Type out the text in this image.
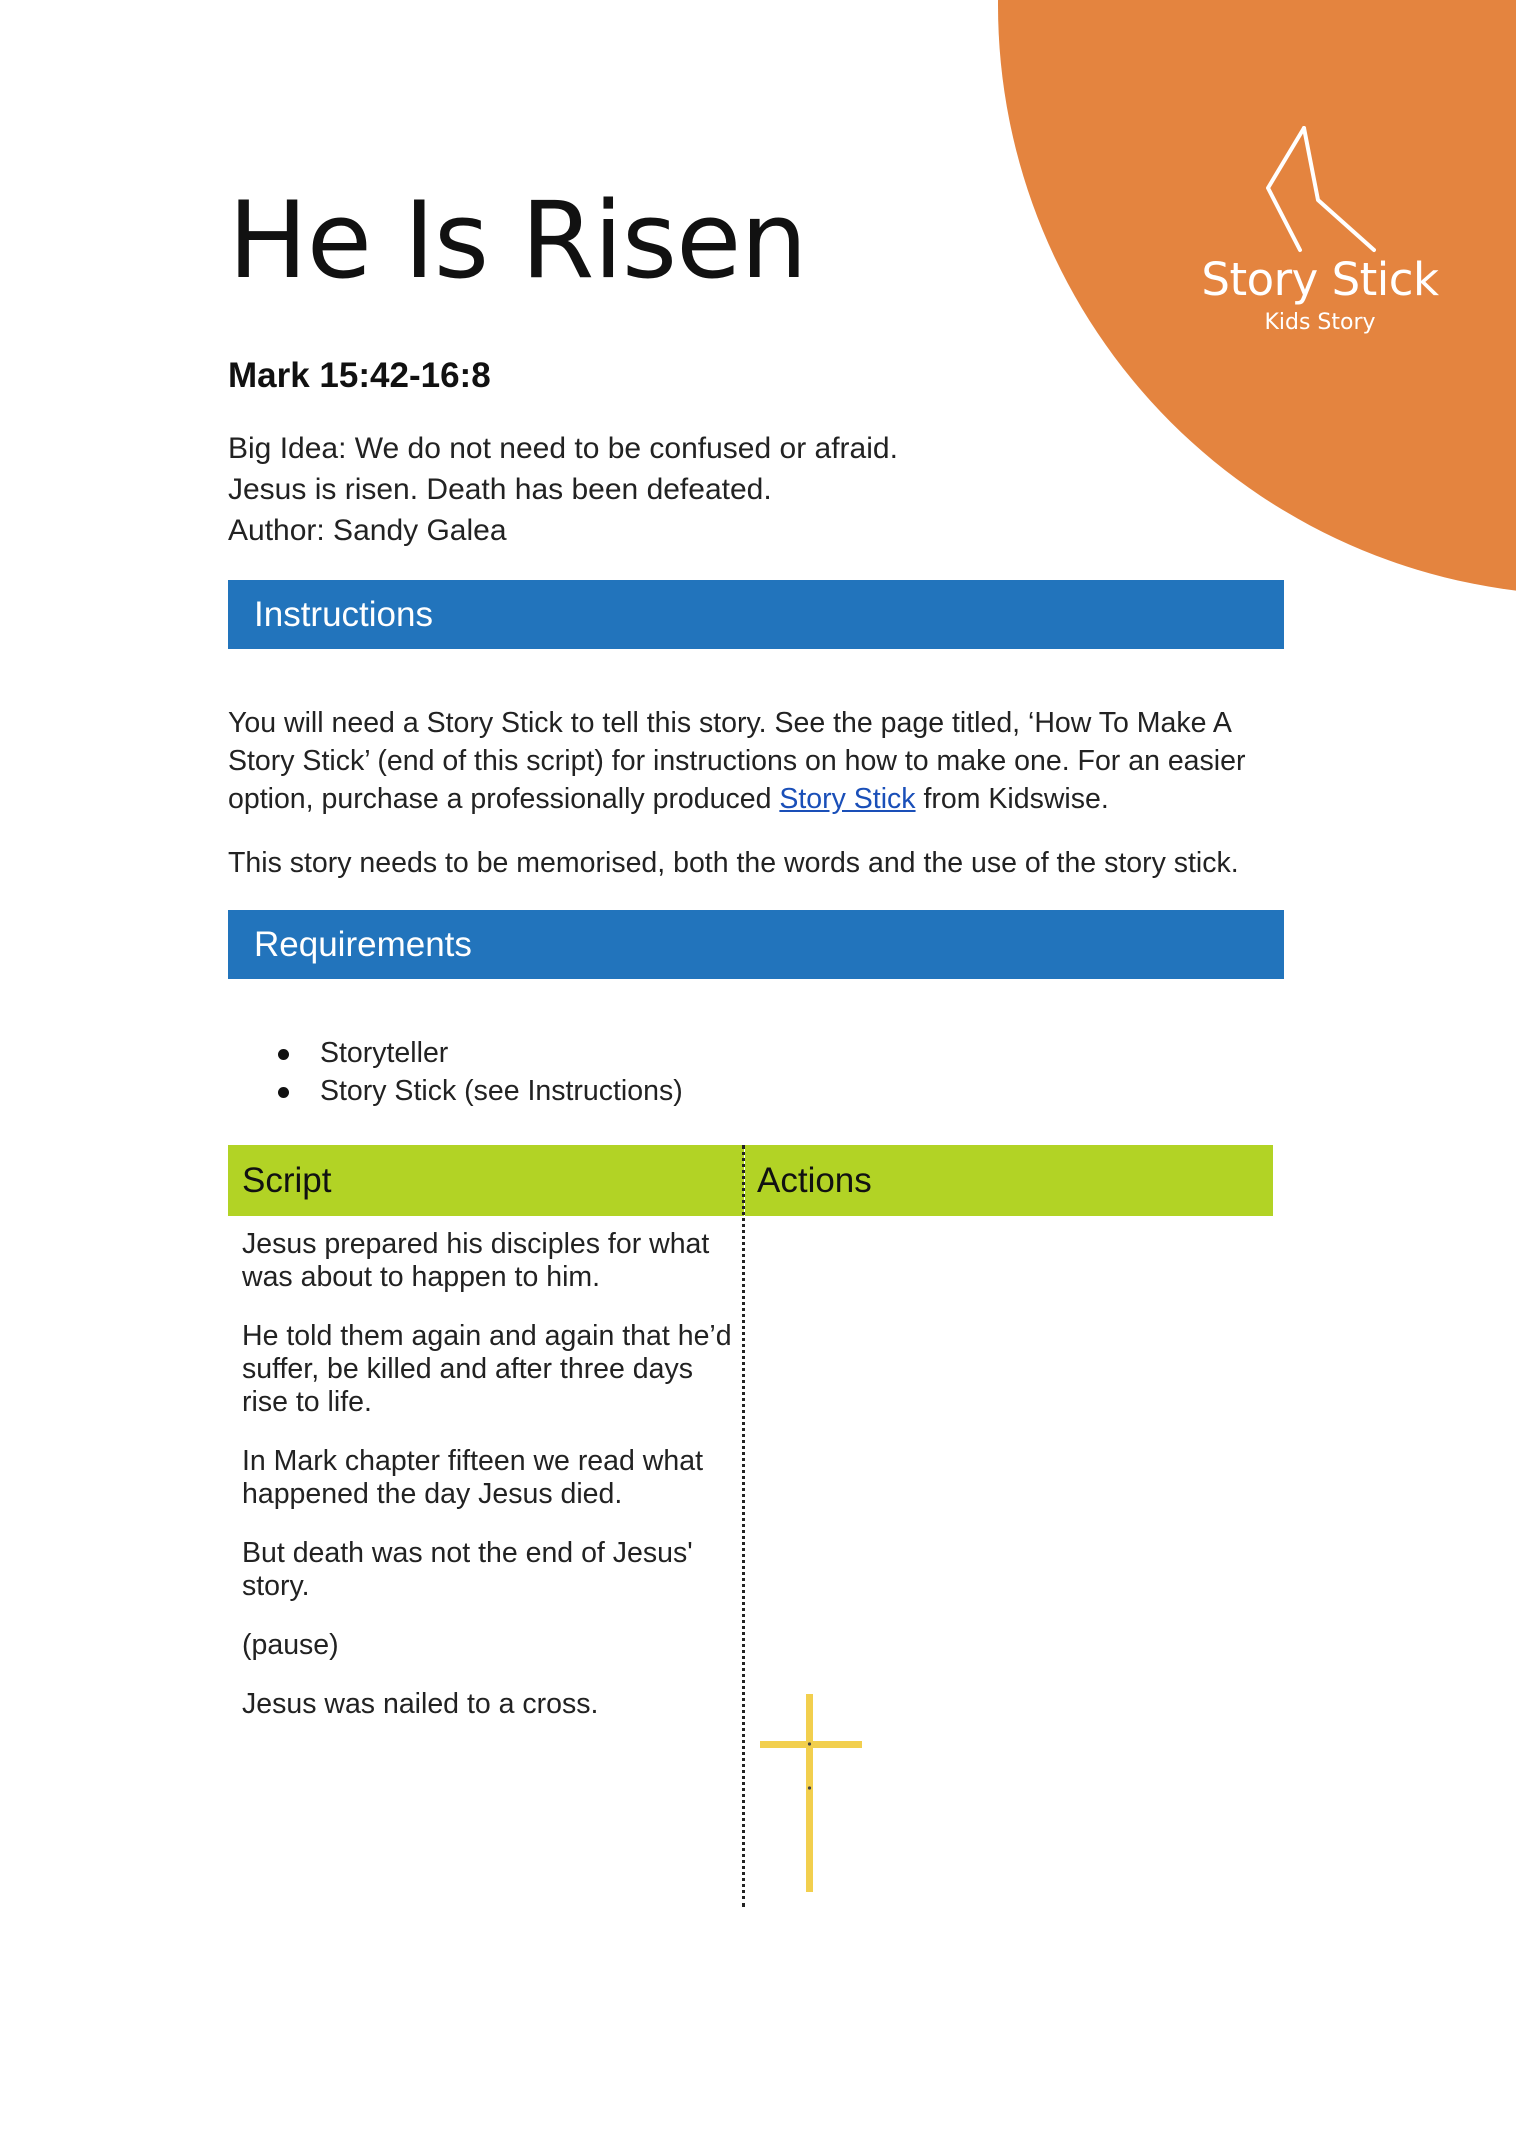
Story Stick
Kids Story
He Is Risen
Mark 15:42-16:8
Big Idea: We do not need to be confused or afraid.
Jesus is risen. Death has been defeated.
Author: Sandy Galea
Instructions
You will need a Story Stick to tell this story. See the page titled, ‘How To Make A Story Stick’ (end of this script) for instructions on how to make one. For an easier option, purchase a professionally produced Story Stick from Kidswise.
This story needs to be memorised, both the words and the use of the story stick.
Requirements
Storyteller
Story Stick (see Instructions)
Script	Actions

Jesus prepared his disciples for what was about to happen to him.

He told them again and again that he’d suffer, be killed and after three days rise to life.

In Mark chapter fifteen we read what happened the day Jesus died.

But death was not the end of Jesus' story.

(pause)

Jesus was nailed to a cross.
